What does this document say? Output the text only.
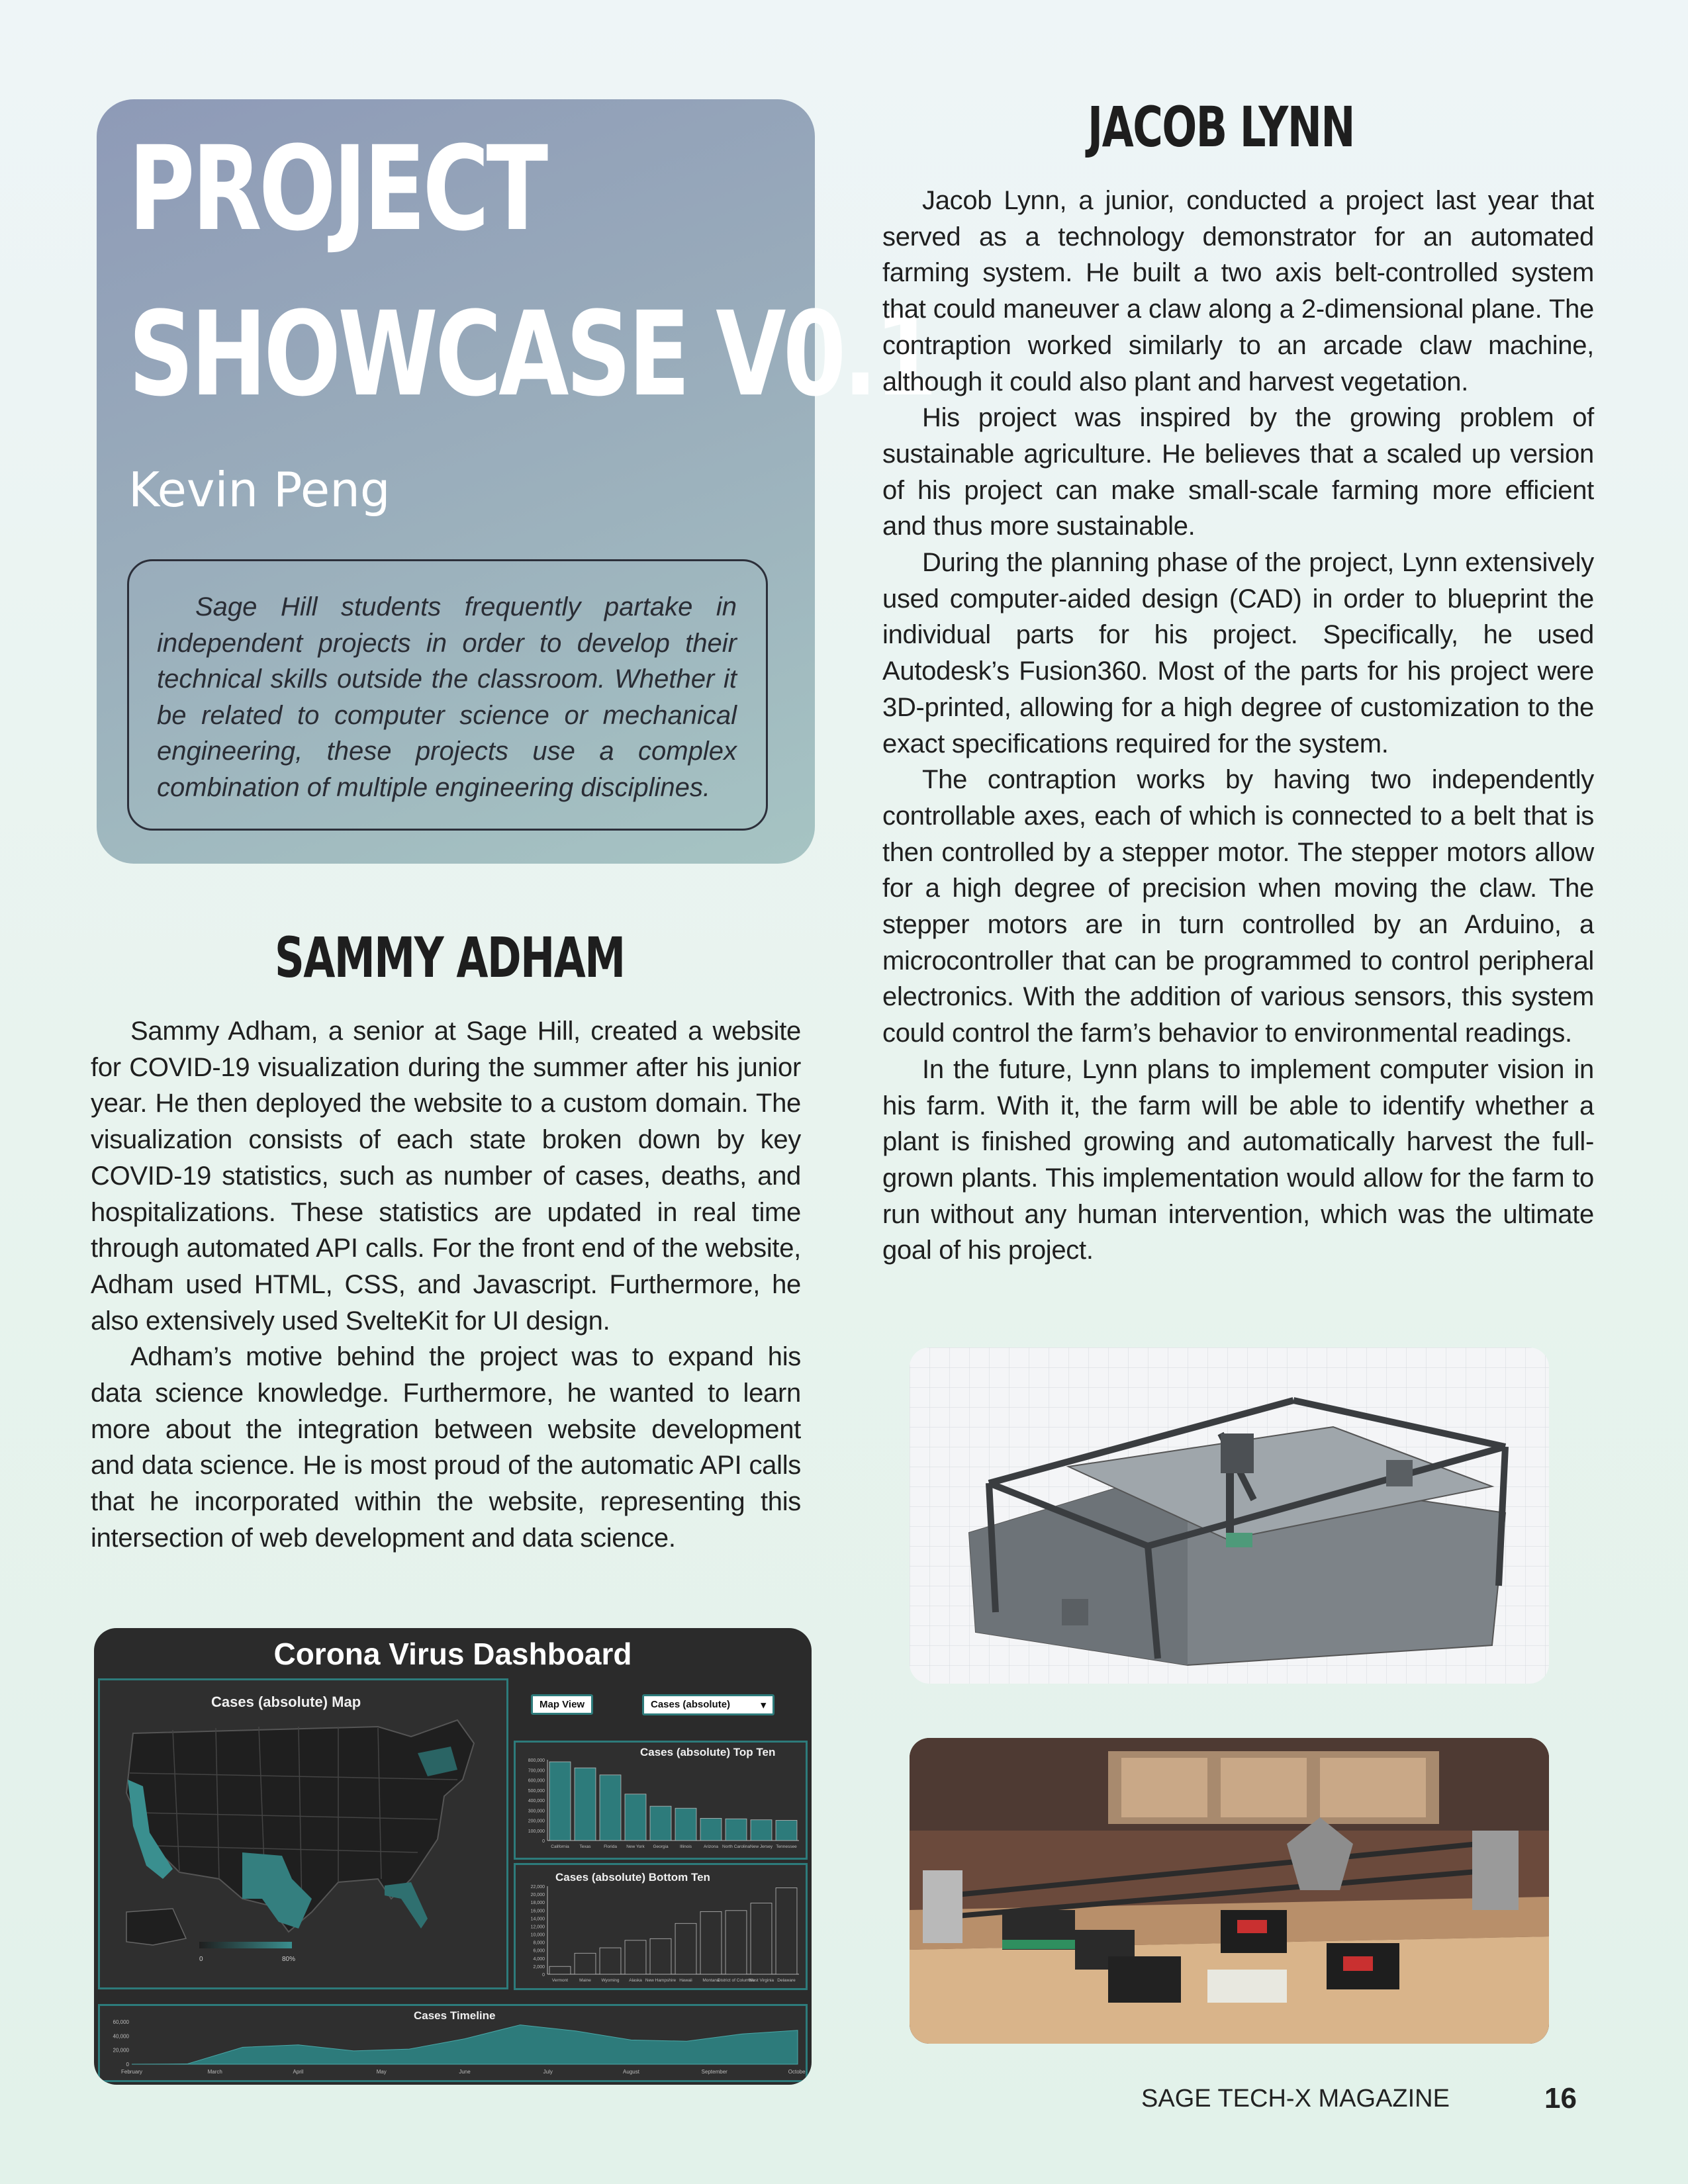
PROJECT
SHOWCASE V0.1
Kevin Peng

Sage Hill students frequently partake in independent projects in order to develop their technical skills outside the classroom. Whether it be related to computer science or mechanical engineering, these projects use a complex combination of multiple engineering disciplines.

SAMMY ADHAM

Sammy Adham, a senior at Sage Hill, created a website for COVID-19 visualization during the summer after his junior year. He then deployed the website to a custom domain. The visualization consists of each state broken down by key COVID-19 statistics, such as number of cases, deaths, and hospitalizations. These statistics are updated in real time through automated API calls. For the front end of the website, Adham used HTML, CSS, and Javascript. Furthermore, he also extensively used SvelteKit for UI design.

Adham’s motive behind the project was to expand his data science knowledge. Furthermore, he wanted to learn more about the integration between website development and data science. He is most proud of the automatic API calls that he incorporated within the website, representing this intersection of web development and data science.

JACOB LYNN

Jacob Lynn, a junior, conducted a project last year that served as a technology demonstrator for an automated farming system. He built a two axis belt-controlled system that could maneuver a claw along a 2-dimensional plane. The contraption worked similarly to an arcade claw machine, although it could also plant and harvest vegetation.

His project was inspired by the growing problem of sustainable agriculture. He believes that a scaled up version of his project can make small-scale farming more efficient and thus more sustainable.

During the planning phase of the project, Lynn extensively used computer-aided design (CAD) in order to blueprint the individual parts for his project. Specifically, he used Autodesk’s Fusion360. Most of the parts for his project were 3D-printed, allowing for a high degree of customization to the exact specifications required for the system.

The contraption works by having two independently controllable axes, each of which is connected to a belt that is then controlled by a stepper motor. The stepper motors allow for a high degree of precision when moving the claw. The stepper motors are in turn controlled by an Arduino, a microcontroller that can be programmed to control peripheral electronics. With the addition of various sensors, this system could control the farm’s behavior to environmental readings.

In the future, Lynn plans to implement computer vision in his farm. With it, the farm will be able to identify whether a plant is finished growing and automatically harvest the full-grown plants. This implementation would allow for the farm to run without any human intervention, which was the ultimate goal of his project.

Corona Virus Dashboard
Cases (absolute) Map
0	80%
Map View	Cases (absolute)	▾
Cases (absolute) Top Ten
0
100,000
200,000
300,000
400,000
500,000
600,000
700,000
800,000
California Texas	Florida New York Georgia	Illinois	Arizona North Carolina New Jersey Tennessee
Cases (absolute) Bottom Ten
0
2,000
4,000
6,000
8,000
10,000
12,000
14,000
16,000
18,000
20,000
22,000
Vermont	Maine Wyoming Alaska New Hampshire Hawaii Montana
District of Columbia
West Virginia Delaware
Cases Timeline
0
20,000
40,000
60,000
February	March	April	May	June	July	August	September	October
SAGE TECH-X MAGAZINE	16
